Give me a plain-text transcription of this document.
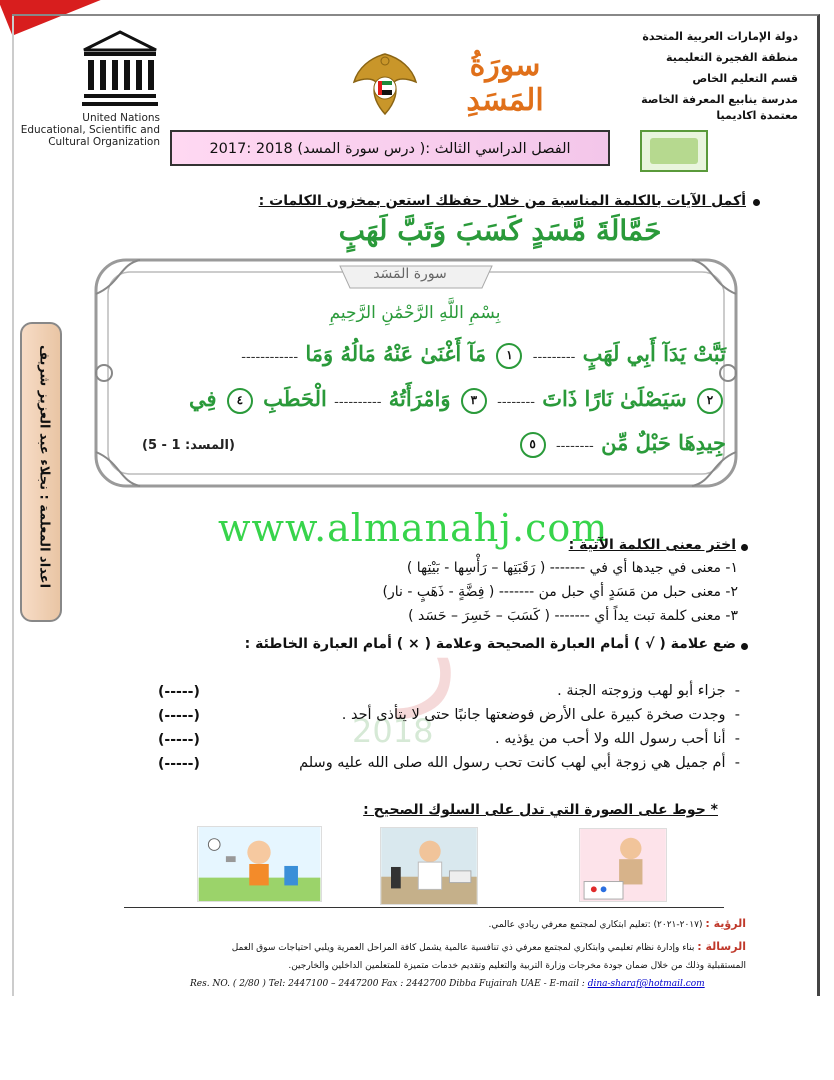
United Nations
Educational, Scientific and
Cultural Organization
سورَةُ المَسَدِ
دولة الإمارات العربية المتحدة
منطقة الفجيرة التعليمية
قسم التعليم الخاص
مدرسة ينابيع المعرفة الخاصة
معتمدة اكاديميا
الفصل الدراسي الثالث :( درس سورة المسد) 2018 :2017
أكمل الآيات بالكلمة المناسبة من خلال حفظك استعن بمخزون الكلمات :
حَمَّالَةَ مَّسَدٍ كَسَبَ وَتَبَّ لَهَبٍ
سورة المَسَد
بِسْمِ اللَّهِ الرَّحْمَٰنِ الرَّحِيمِ
تَبَّتْ يَدَآ أَبِي لَهَبٍ --------- ١ مَآ أَغْنَىٰ عَنْهُ مَالُهُ وَمَا ------------
٢ سَيَصْلَىٰ نَارًا ذَاتَ -------- ٣ وَامْرَأَتُهُ ---------- الْحَطَبِ ٤ فِي
جِيدِهَا حَبْلٌ مِّن -------- ٥
(المسد: 1 - 5)
اعداد المعلمة : نجلاء عبد العزيز شريف
ر
2018
www.almanahj.com
اختر معنى الكلمة الآتية :
١- معنى في جيدها أي في ------- ( رَقَبَتِها – رَأْسِها - بَيْتِها )
٢- معنى حبل من مَسَدٍ أي حبل من ------- ( فِضَّةٍ - ذَهَبٍ - نار)
٣- معنى كلمة تبت يداً أي ------- ( كَسَبَ – خَسِرَ – حَسَد )
ضع علامة ( √ ) أمام العبارة الصحيحة وعلامة ( × ) أمام العبارة الخاطئة :
-  جزاء أبو لهب وزوجته الجنة .
(-----)
-  وجدت صخرة كبيرة على الأرض فوضعتها جانبًا حتى لا يتأذى أحد .
(-----)
-  أنا أحب رسول الله ولا أحب من يؤذيه .
(-----)
-  أم جميل هي زوجة أبي لهب كانت تحب رسول الله صلى الله عليه وسلم
(-----)
* حوط على الصورة التي تدل على السلوك الصحيح :
الرؤية : (٢٠١٧-٢٠٢١) :تعليم ابتكاري لمجتمع معرفي ريادي عالمي.
الرسالة : بناء وإدارة نظام تعليمي وابتكاري لمجتمع معرفي ذي تنافسية عالمية يشمل كافة المراحل العمرية ويلبي احتياجات سوق العمل
المستقبلية وذلك من خلال ضمان جودة مخرجات وزارة التربية والتعليم وتقديم خدمات متميزة للمتعلمين الداخلين والخارجين.
Res. NO. ( 2/80 ) Tel: 2447100 – 2447200 Fax : 2442700 Dibba Fujairah UAE - E-mail : dina-sharaf@hotmail.com
